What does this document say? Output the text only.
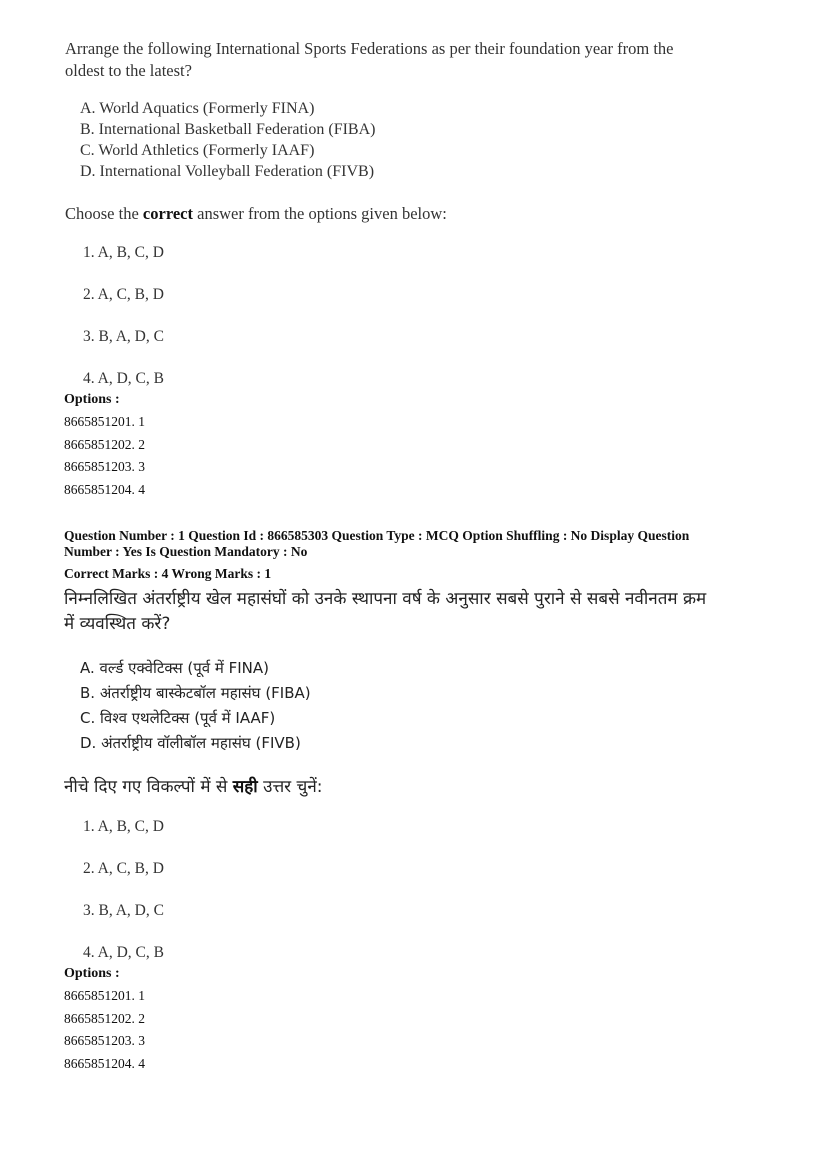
Arrange the following International Sports Federations as per their foundation year from the
oldest to the latest?
A. World Aquatics (Formerly FINA)
B. International Basketball Federation (FIBA)
C. World Athletics (Formerly IAAF)
D. International Volleyball Federation (FIVB)
Choose the correct answer from the options given below:
1. A, B, C, D
2. A, C, B, D
3. B, A, D, C
4. A, D, C, B
Options :
8665851201. 1
8665851202. 2
8665851203. 3
8665851204. 4
Question Number : 1 Question Id : 866585303 Question Type : MCQ Option Shuffling : No Display Question
Number : Yes Is Question Mandatory : No
Correct Marks : 4 Wrong Marks : 1
निम्नलिखित अंतर्राष्ट्रीय खेल महासंघों को उनके स्थापना वर्ष के अनुसार सबसे पुराने से सबसे नवीनतम क्रम
में व्यवस्थित करें?
A. वर्ल्ड एक्वेटिक्स (पूर्व में FINA)
B. अंतर्राष्ट्रीय बास्केटबॉल महासंघ (FIBA)
C. विश्व एथलेटिक्स (पूर्व में IAAF)
D. अंतर्राष्ट्रीय वॉलीबॉल महासंघ (FIVB)
नीचे दिए गए विकल्पों में से सही उत्तर चुनें:
1. A, B, C, D
2. A, C, B, D
3. B, A, D, C
4. A, D, C, B
Options :
8665851201. 1
8665851202. 2
8665851203. 3
8665851204. 4
